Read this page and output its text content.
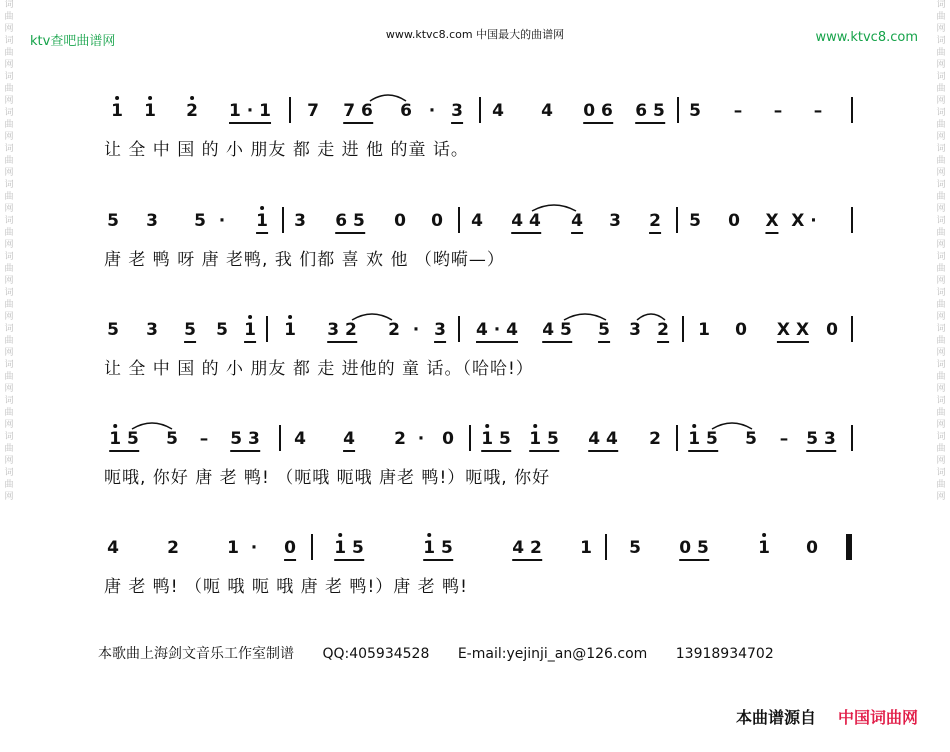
词
曲
网
词
曲
网
词
曲
网
词
曲
网
词
曲
网
词
曲
网
词
曲
网
词
曲
网
词
曲
网
词
曲
网
词
曲
网
词
曲
网
词
曲
网
词
曲
网
词
曲
网
词
曲
网
词
曲
网
词
曲
网
词
曲
网
词
曲
网
词
曲
网
词
曲
网
词
曲
网
词
曲
网
词
曲
网
词
曲
网
词
曲
网
词
曲
网
ktv查吧曲谱网	www.ktvc8.com 中国最大的曲谱网	www.ktvc8.com
1 1 2 1 · 1 7 7 6 6 · 3 4 4 0 6 6 5 5 – – –
让 全 中 国 的 小 朋友 都 走 进 他 的童 话。
5 3 5 · 1 3 6 5 0 0 4 4 4 4 3 2 5 0 X X ·
唐 老 鸭 呀 唐 老鸭, 我 们都 喜 欢 他 （哟嗬—）
5 3 5 5 1 1 3 2 2 · 3 4 · 4 4 5 5 3 2 1 0 X X 0
让 全 中 国 的 小 朋友 都 走 进他的 童 话。（哈哈!）
1 5 5 – 5 3 4 4 2 · 0 1 5 1 5 4 4 2 1 5 5 – 5 3
呃哦, 你好 唐 老 鸭! （呃哦 呃哦 唐老 鸭!）呃哦, 你好
4	2	1 · 0 1 5	1 5	4 2 1 5 0 5	1 0
唐 老 鸭! （呃 哦 呃 哦 唐 老 鸭!）唐 老 鸭!
本歌曲上海剑文音乐工作室制谱 QQ:405934528 E-mail:yejinji_an@126.com 13918934702
本曲谱源自 中国词曲网
